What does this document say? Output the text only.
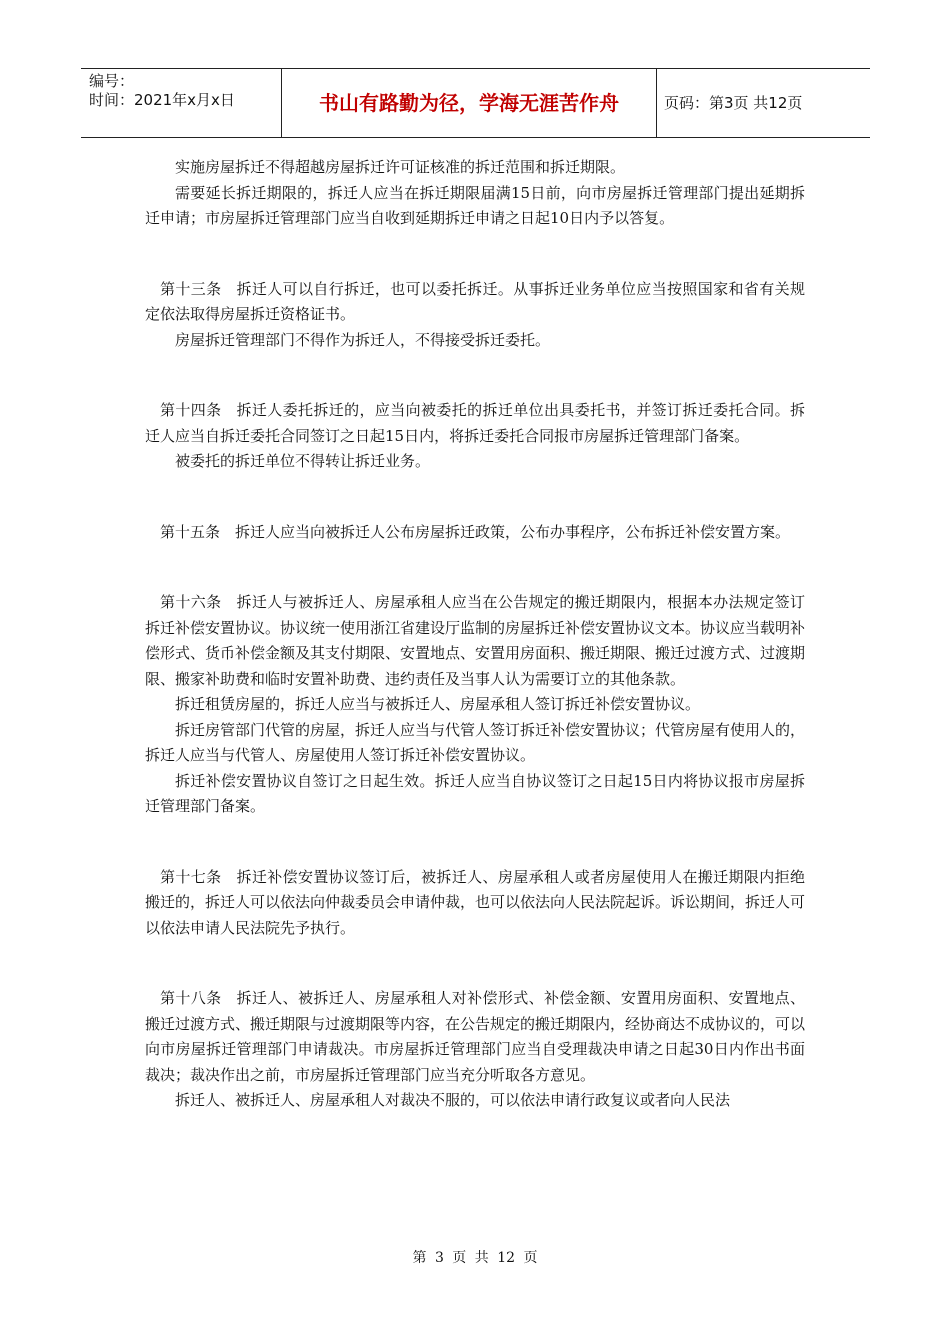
编号：
时间：2021年x月x日	书山有路勤为径，学海无涯苦作舟	页码：第3页 共12页

实施房屋拆迁不得超越房屋拆迁许可证核准的拆迁范围和拆迁期限。

需要延长拆迁期限的，拆迁人应当在拆迁期限届满15日前，向市房屋拆迁管理部门提出延期拆迁申请；市房屋拆迁管理部门应当自收到延期拆迁申请之日起10日内予以答复。

第十三条 拆迁人可以自行拆迁，也可以委托拆迁。从事拆迁业务单位应当按照国家和省有关规定依法取得房屋拆迁资格证书。

房屋拆迁管理部门不得作为拆迁人，不得接受拆迁委托。

第十四条 拆迁人委托拆迁的，应当向被委托的拆迁单位出具委托书，并签订拆迁委托合同。拆迁人应当自拆迁委托合同签订之日起15日内，将拆迁委托合同报市房屋拆迁管理部门备案。

被委托的拆迁单位不得转让拆迁业务。

第十五条 拆迁人应当向被拆迁人公布房屋拆迁政策，公布办事程序，公布拆迁补偿安置方案。

第十六条 拆迁人与被拆迁人、房屋承租人应当在公告规定的搬迁期限内，根据本办法规定签订拆迁补偿安置协议。协议统一使用浙江省建设厅监制的房屋拆迁补偿安置协议文本。协议应当载明补偿形式、货币补偿金额及其支付期限、安置地点、安置用房面积、搬迁期限、搬迁过渡方式、过渡期限、搬家补助费和临时安置补助费、违约责任及当事人认为需要订立的其他条款。

拆迁租赁房屋的，拆迁人应当与被拆迁人、房屋承租人签订拆迁补偿安置协议。

拆迁房管部门代管的房屋，拆迁人应当与代管人签订拆迁补偿安置协议；代管房屋有使用人的，拆迁人应当与代管人、房屋使用人签订拆迁补偿安置协议。

拆迁补偿安置协议自签订之日起生效。拆迁人应当自协议签订之日起15日内将协议报市房屋拆迁管理部门备案。

第十七条 拆迁补偿安置协议签订后，被拆迁人、房屋承租人或者房屋使用人在搬迁期限内拒绝搬迁的，拆迁人可以依法向仲裁委员会申请仲裁，也可以依法向人民法院起诉。诉讼期间，拆迁人可以依法申请人民法院先予执行。

第十八条 拆迁人、被拆迁人、房屋承租人对补偿形式、补偿金额、安置用房面积、安置地点、搬迁过渡方式、搬迁期限与过渡期限等内容，在公告规定的搬迁期限内，经协商达不成协议的，可以向市房屋拆迁管理部门申请裁决。市房屋拆迁管理部门应当自受理裁决申请之日起30日内作出书面裁决；裁决作出之前，市房屋拆迁管理部门应当充分听取各方意见。

拆迁人、被拆迁人、房屋承租人对裁决不服的，可以依法申请行政复议或者向人民法

第 3 页 共 12 页
